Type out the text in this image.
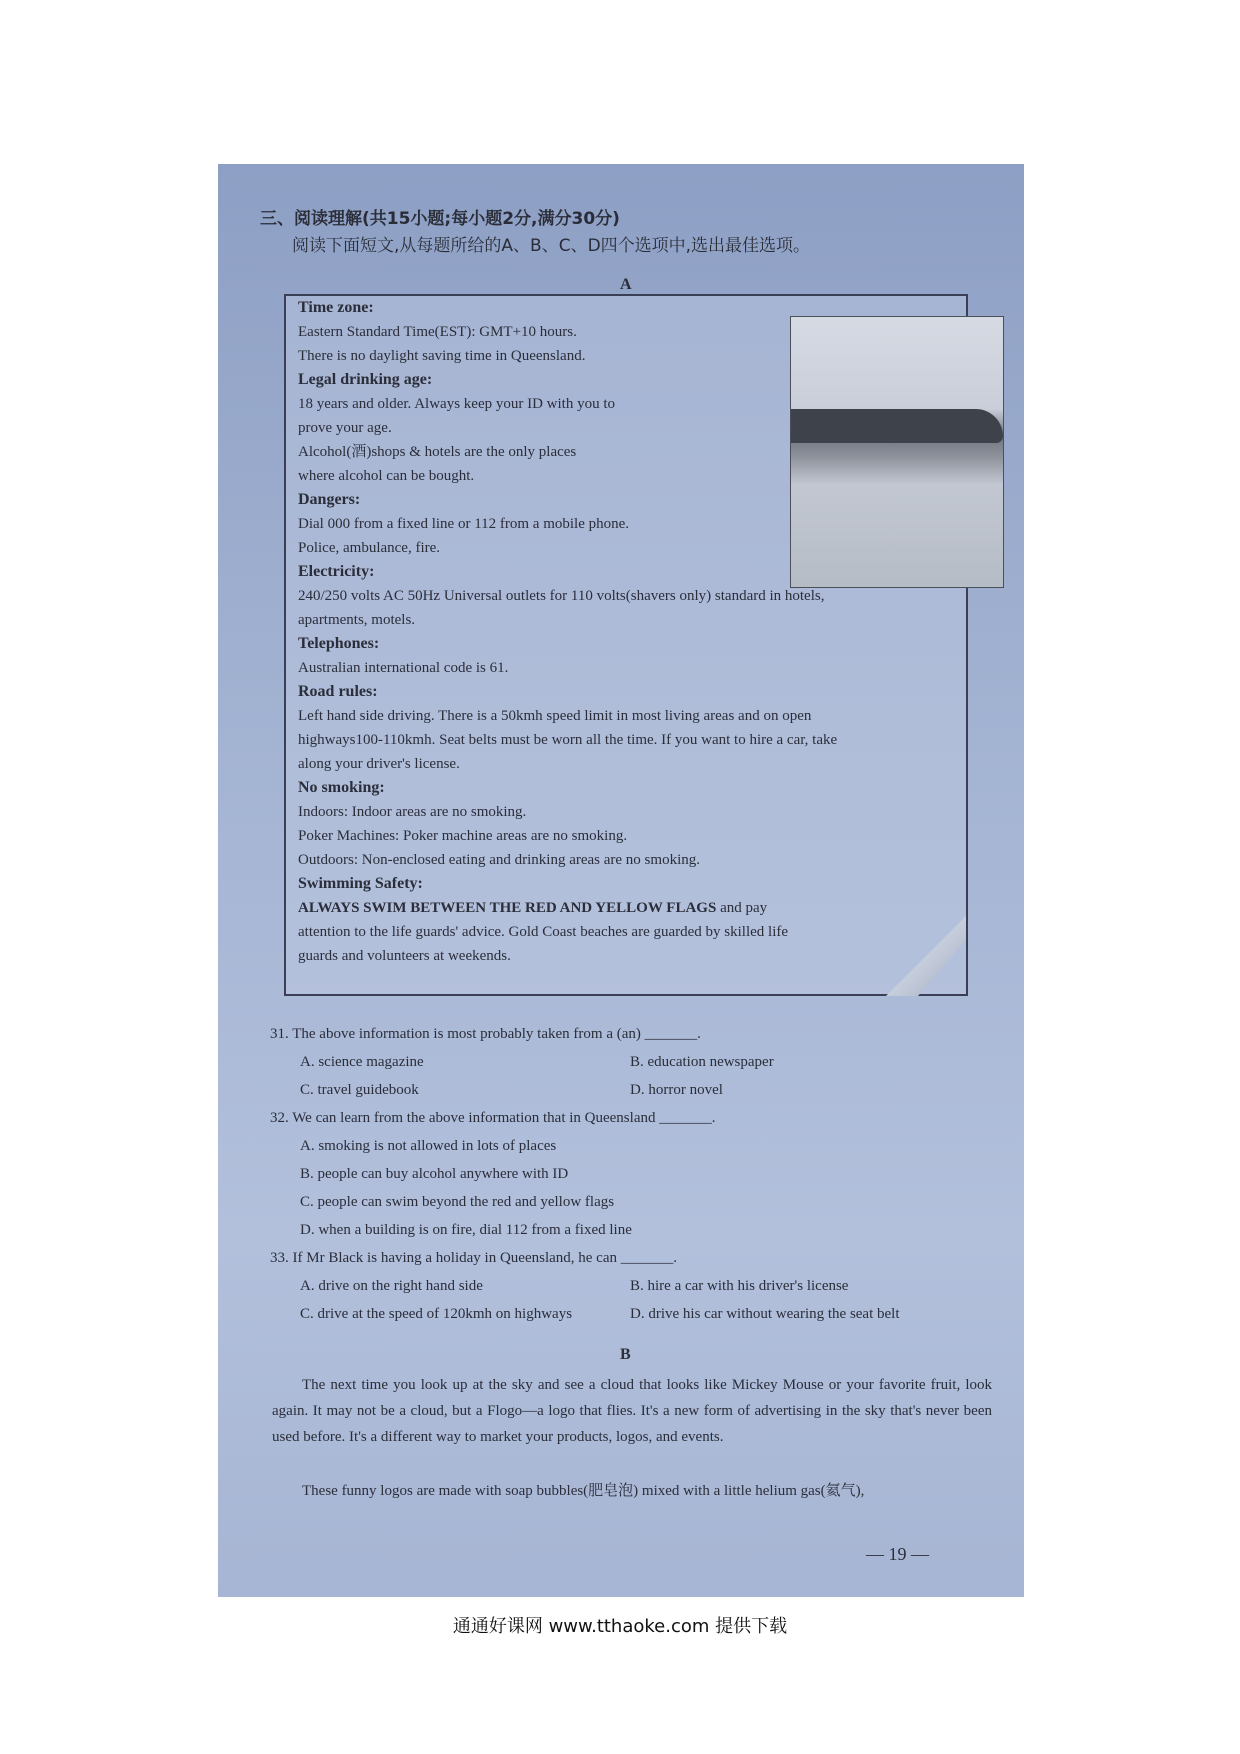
三、阅读理解(共15小题;每小题2分,满分30分)
阅读下面短文,从每题所给的A、B、C、D四个选项中,选出最佳选项。
A
Time zone:
Eastern Standard Time(EST): GMT+10 hours.
There is no daylight saving time in Queensland.
Legal drinking age:
18 years and older. Always keep your ID with you to
prove your age.
Alcohol(酒)shops & hotels are the only places
where alcohol can be bought.
Dangers:
Dial 000 from a fixed line or 112 from a mobile phone.
Police, ambulance, fire.
Electricity:
240/250 volts AC 50Hz Universal outlets for 110 volts(shavers only) standard in hotels,
apartments, motels.
Telephones:
Australian international code is 61.
Road rules:
Left hand side driving. There is a 50kmh speed limit in most living areas and on open
highways100-110kmh. Seat belts must be worn all the time. If you want to hire a car, take
along your driver's license.
No smoking:
Indoors: Indoor areas are no smoking.
Poker Machines: Poker machine areas are no smoking.
Outdoors: Non-enclosed eating and drinking areas are no smoking.
Swimming Safety:
ALWAYS SWIM BETWEEN THE RED AND YELLOW FLAGS and pay
attention to the life guards' advice. Gold Coast beaches are guarded by skilled life
guards and volunteers at weekends.
31. The above information is most probably taken from a (an) _______.
A. science magazine	B. education newspaper
C. travel guidebook	D. horror novel
32. We can learn from the above information that in Queensland _______.
A. smoking is not allowed in lots of places
B. people can buy alcohol anywhere with ID
C. people can swim beyond the red and yellow flags
D. when a building is on fire, dial 112 from a fixed line
33. If Mr Black is having a holiday in Queensland, he can _______.
A. drive on the right hand side	B. hire a car with his driver's license
C. drive at the speed of 120kmh on highways	D. drive his car without wearing the seat belt
B
The next time you look up at the sky and see a cloud that looks like Mickey Mouse or your favorite fruit, look again. It may not be a cloud, but a Flogo—a logo that flies. It's a new form of advertising in the sky that's never been used before. It's a different way to market your products, logos, and events.
These funny logos are made with soap bubbles(肥皂泡) mixed with a little helium gas(氦气),
— 19 —
通通好课网 www.tthaoke.com 提供下载
